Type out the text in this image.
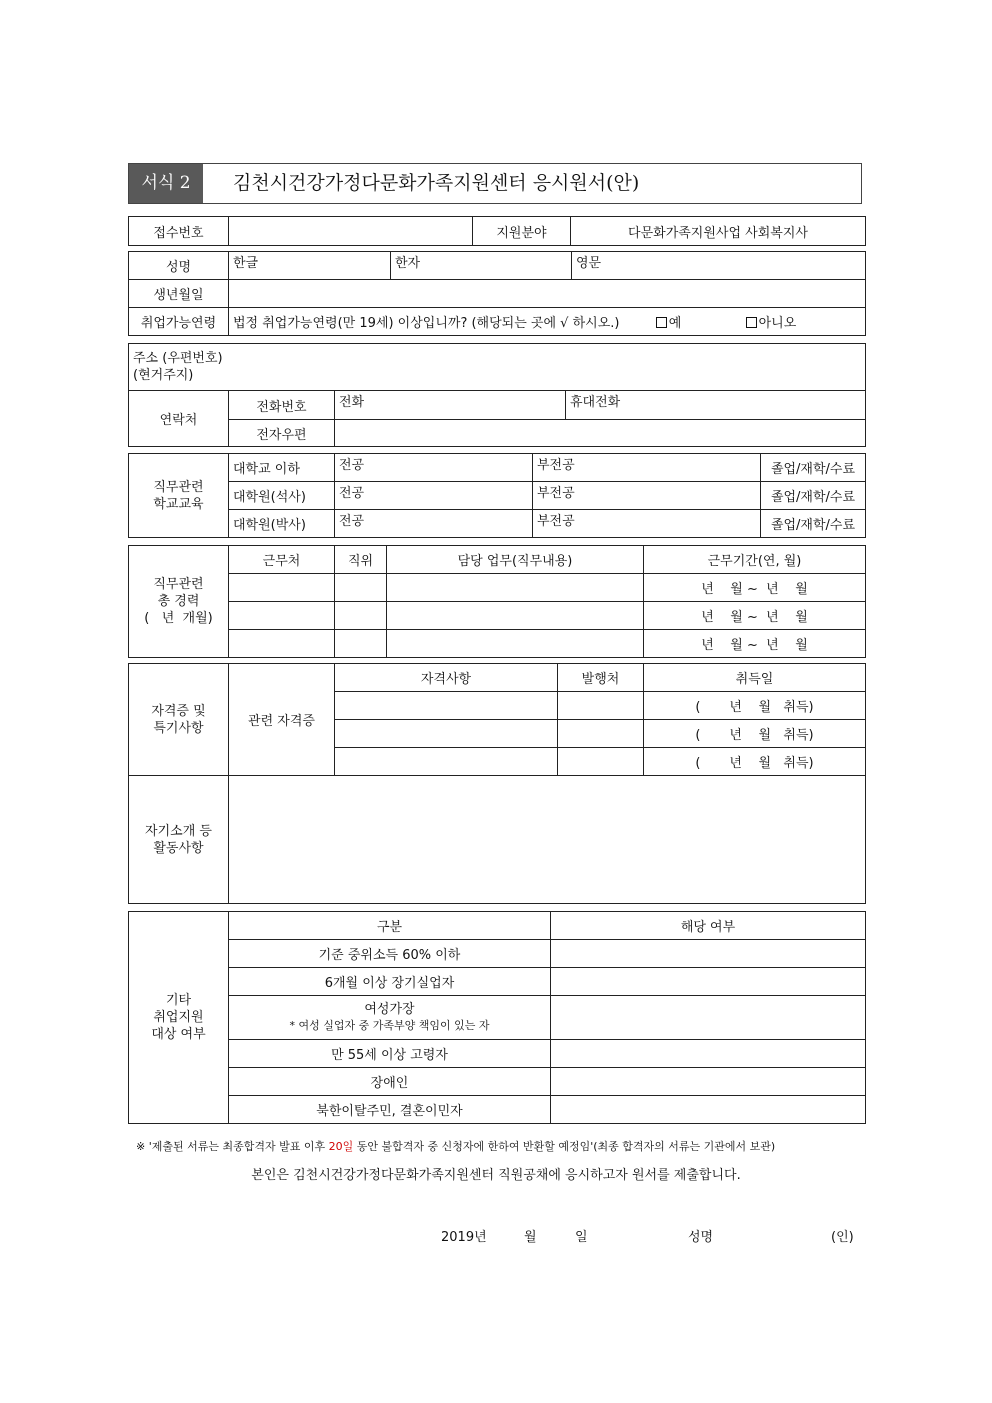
서식 2	김천시건강가정다문화가족지원센터 응시원서(안)
접수번호		지원분야	다문화가족지원사업 사회복지사
성명	한글	한자	영문
생년월일			
취업가능연령	법정 취업가능연령(만 19세) 이상입니까? (해당되는 곳에 √ 하시오.) 예 아니오		
주소 (우편번호)
(현거주지)			

연락처	전화번호	전화	휴대전화
	전자우편		
직무관련
학교교육	대학교 이하	전공	부전공	졸업/재학/수료
	대학원(석사)	전공	부전공	졸업/재학/수료
	대학원(박사)	전공	부전공	졸업/재학/수료
직무관련
총 경력
(   년  개월)	근무처	직위	담당 업무(직무내용)	근무기간(연, 월)
				년    월 ~  년    월
				년    월 ~  년    월
				년    월 ~  년    월
자격증 및
특기사항	관련 자격증	자격사항	발행처	취득일
				(       년    월   취득)
				(       년    월   취득)
				(       년    월   취득)

자기소개 등
활동사항				

기타
취업지원
대상 여부	구분	해당 여부
	기준 중위소득 60% 이하	
	6개월 이상 장기실업자	

	여성가장
* 여성 실업자 중 가족부양 책임이 있는 자	

	만 55세 이상 고령자	
	장애인	
	북한이탈주민, 결혼이민자	
※ '제출된 서류는 최종합격자 발표 이후 20일 동안 불합격자 중 신청자에 한하여 반환할 예정임'(최종 합격자의 서류는 기관에서 보관)
본인은 김천시건강가정다문화가족지원센터 직원공채에 응시하고자 원서를 제출합니다.
2019년	월	일	성명	(인)
